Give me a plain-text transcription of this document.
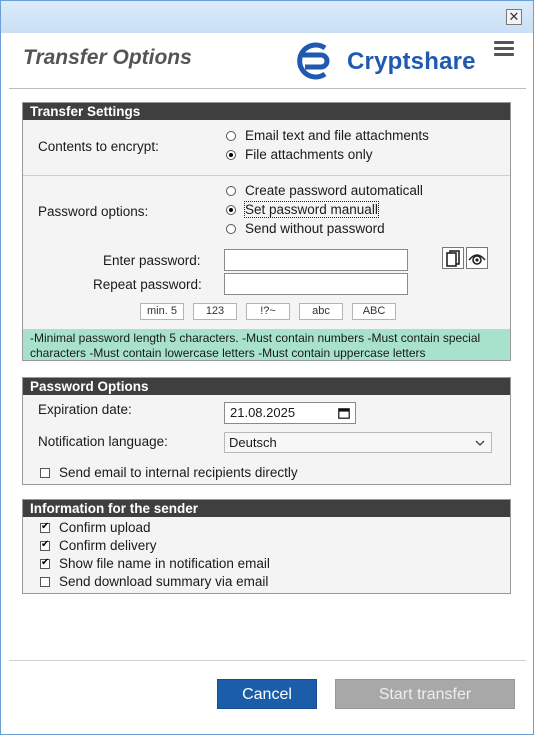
✕
Transfer Options	Cryptshare
Transfer Settings
Contents to encrypt:
Email text and file attachments
File attachments only
Password options:
Create password automaticall
Set password manuall
Send without password
Enter password:
Repeat password:
min. 5	123	!?~	abc	ABC
-Minimal password length 5 characters. -Must contain numbers -Must contain special characters -Must contain lowercase letters -Must contain uppercase letters
Password Options
Expiration date:	21.08.2025
Notification language:	Deutsch
Send email to internal recipients directly
Information for the sender
✔Confirm upload
✔Confirm delivery
✔Show file name in notification email
Send download summary via email
Cancel	Start transfer
